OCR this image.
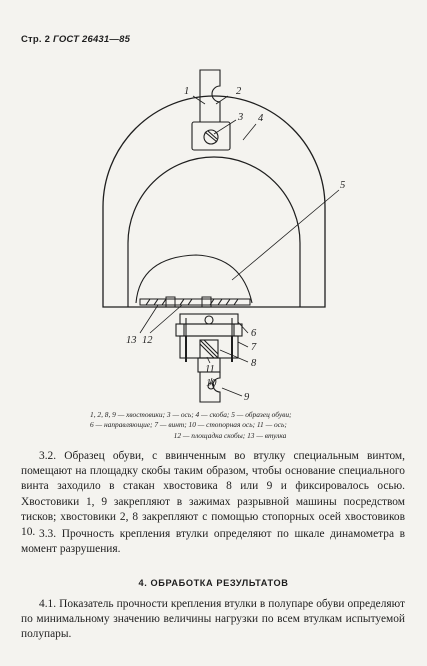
Стр. 2 ГОСТ 26431—85
1	2
3 4
5
6
7
8
9
10
11
12
13
1, 2, 8, 9 — хвостовики; 3 — ось; 4 — скоба; 5 — образец обуви;
6 — направляющие; 7 — винт; 10 — стопорная ось; 11 — ось;
12 — площадка скобы; 13 — втулка

3.2. Образец обуви, с ввинченным во втулку специальным винтом, помещают на площадку скобы таким образом, чтобы основание специального винта заходило в стакан хвостовика 8 или 9 и фиксировалось осью. Хвостовики 1, 9 закрепляют в зажимах разрывной машины посредством тисков; хвостовики 2, 8 закрепляют с помощью стопорных осей хвостовиков 10. 3.3. Прочность крепления втулки определяют по шкале динамометра в момент разрушения.

4. ОБРАБОТКА РЕЗУЛЬТАТОВ

4.1. Показатель прочности крепления втулки в полупаре обуви определяют по минимальному значению величины нагрузки по всем втулкам испытуемой полупары.
